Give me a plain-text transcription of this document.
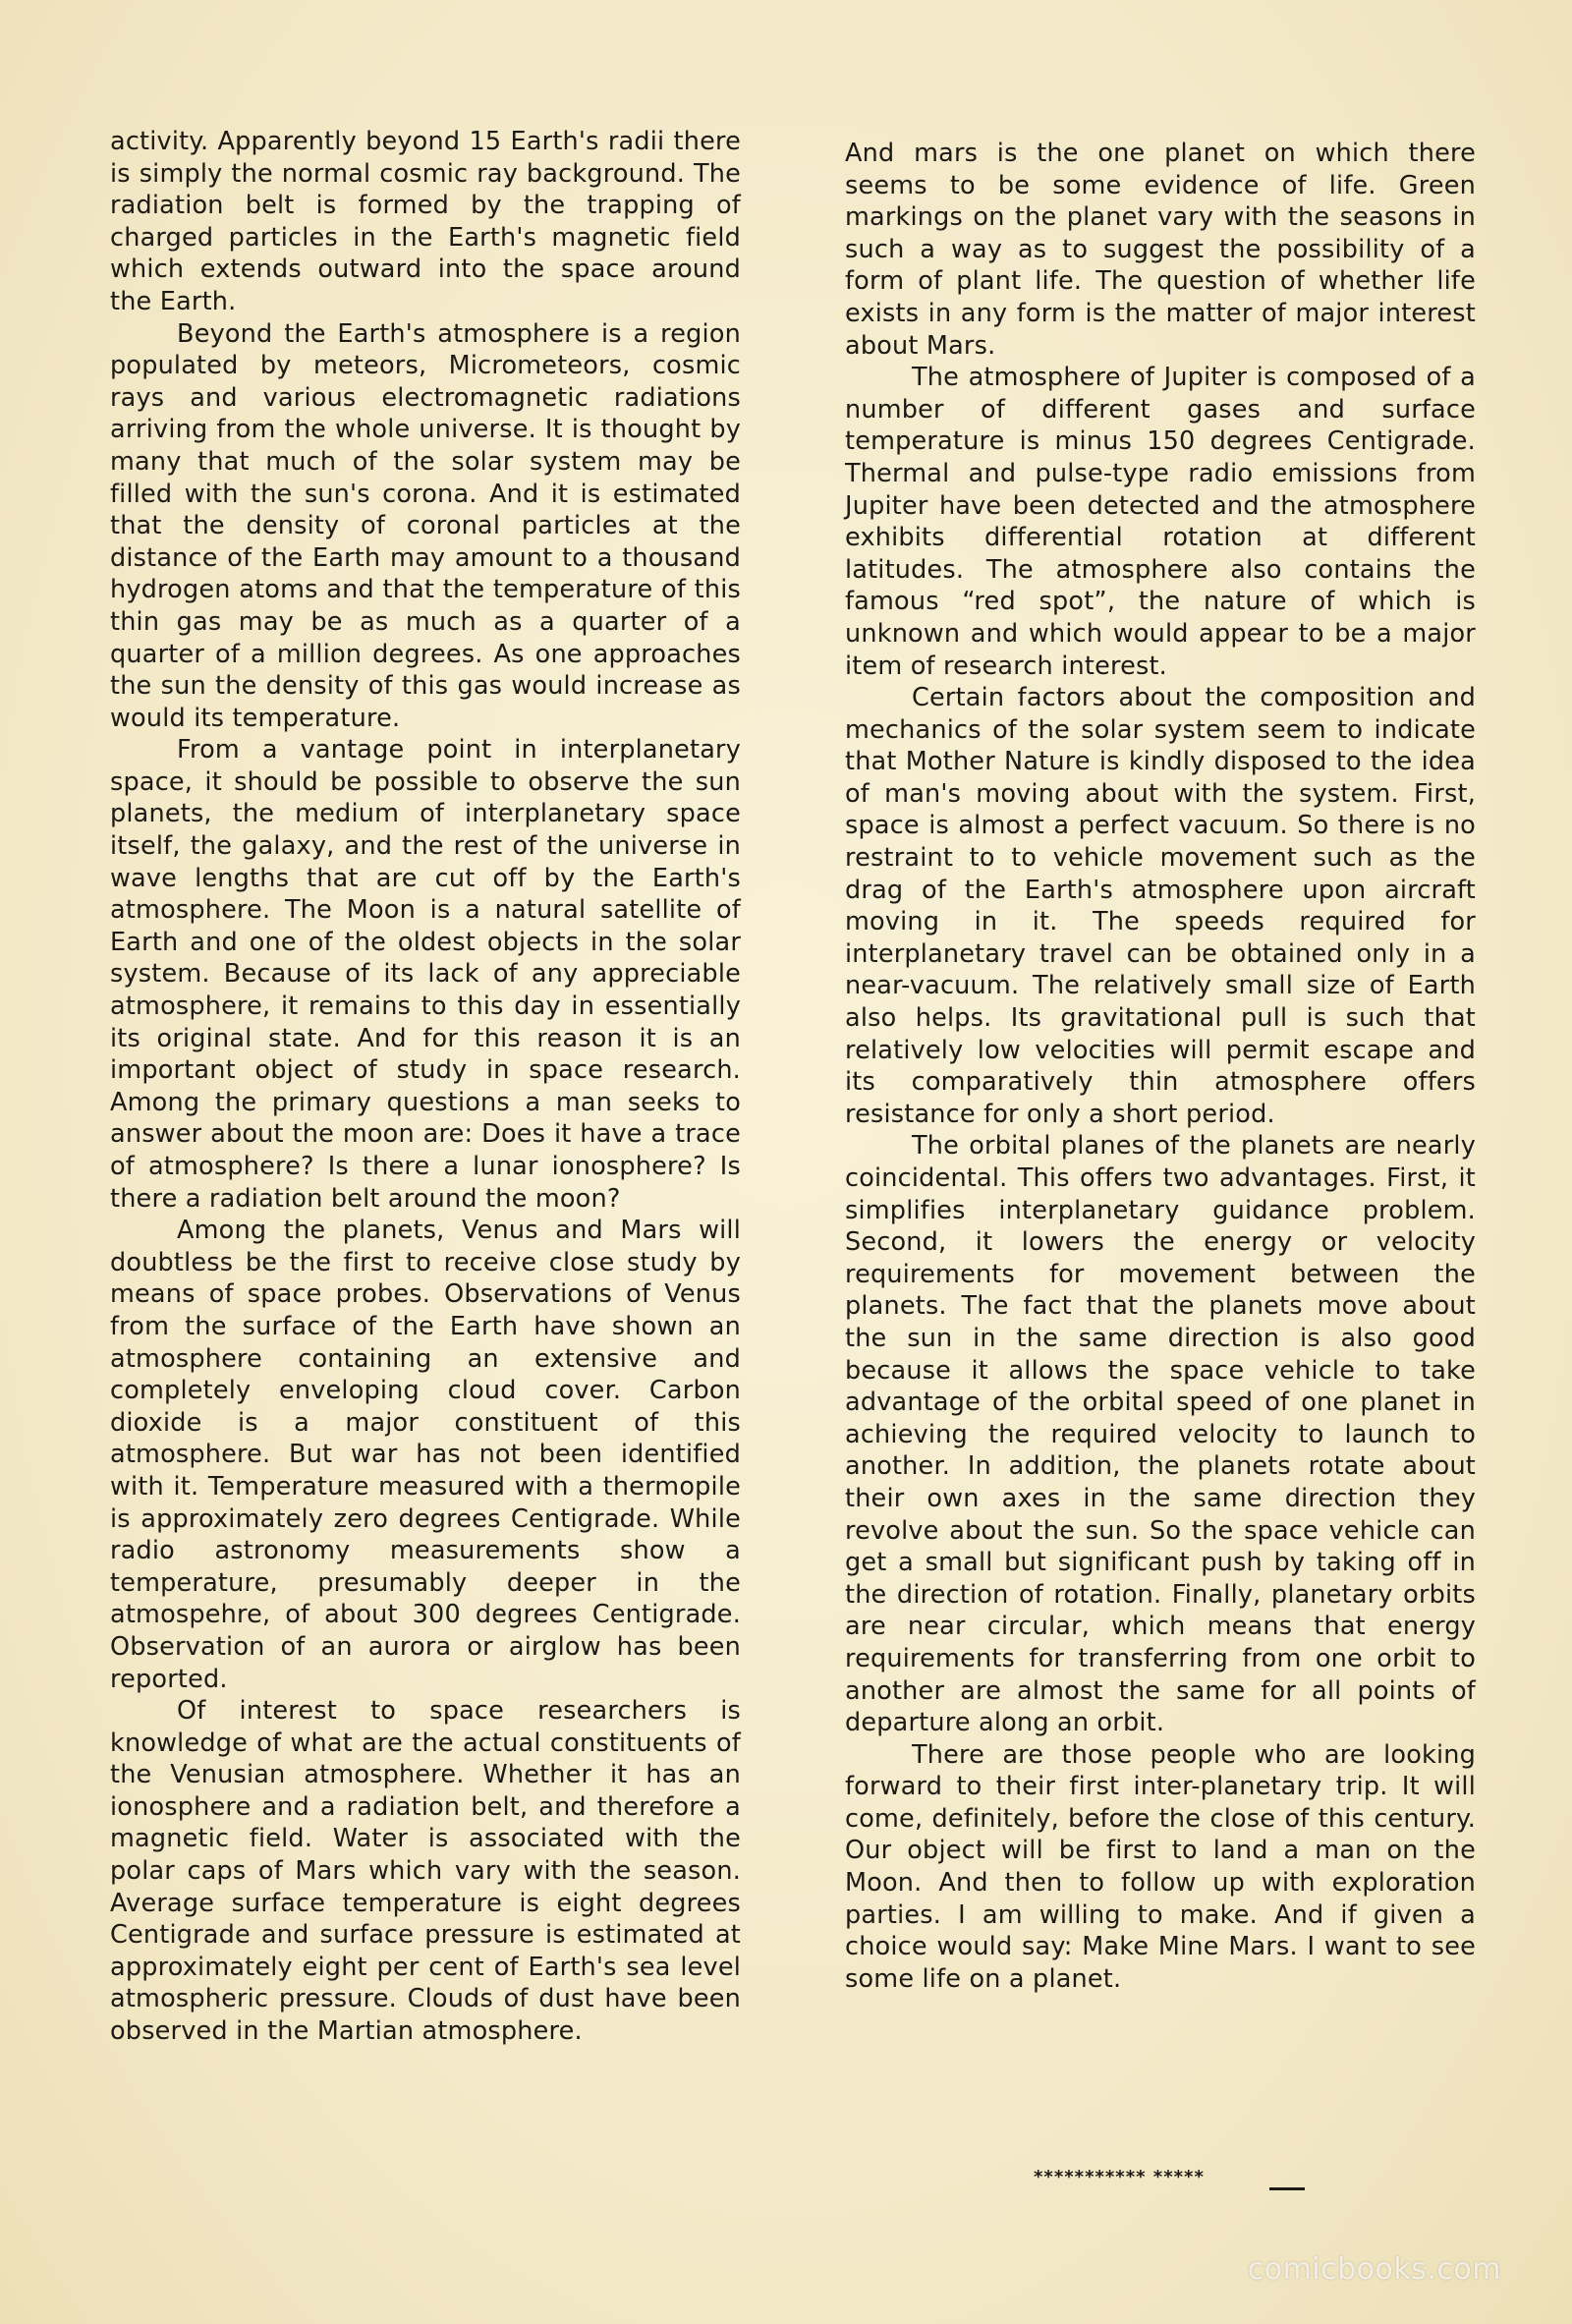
activity. Apparently beyond 15 Earth's radii there is simply the normal cosmic ray background. The radiation belt is formed by the trapping of charged particles in the Earth's magnetic field which extends outward into the space around the Earth.

Beyond the Earth's atmosphere is a region populated by meteors, Micrometeors, cosmic rays and various electromagnetic radiations arriving from the whole universe. It is thought by many that much of the solar system may be filled with the sun's corona. And it is estimated that the density of coronal particles at the distance of the Earth may amount to a thousand hydrogen atoms and that the temperature of this thin gas may be as much as a quarter of a quarter of a million degrees. As one approaches the sun the density of this gas would increase as would its temperature.

From a vantage point in interplanetary space, it should be possible to observe the sun planets, the medium of interplanetary space itself, the galaxy, and the rest of the universe in wave lengths that are cut off by the Earth's atmosphere. The Moon is a natural satellite of Earth and one of the oldest objects in the solar system. Because of its lack of any appreciable atmosphere, it remains to this day in essentially its original state. And for this reason it is an important object of study in space research. Among the primary questions a man seeks to answer about the moon are: Does it have a trace of atmosphere? Is there a lunar ionosphere? Is there a radiation belt around the moon?

Among the planets, Venus and Mars will doubtless be the first to receive close study by means of space probes. Observations of Venus from the surface of the Earth have shown an atmosphere containing an extensive and completely enveloping cloud cover. Carbon dioxide is a major constituent of this atmosphere. But war has not been identified with it. Temperature measured with a thermopile is approximately zero degrees Centigrade. While radio astronomy measurements show a temperature, presumably deeper in the atmospehre, of about 300 degrees Centigrade. Observation of an aurora or airglow has been reported.

Of interest to space researchers is knowledge of what are the actual constituents of the Venusian atmosphere. Whether it has an ionosphere and a radiation belt, and therefore a magnetic field. Water is associated with the polar caps of Mars which vary with the season. Average surface temperature is eight degrees Centigrade and surface pressure is estimated at approximately eight per cent of Earth's sea level atmospheric pressure. Clouds of dust have been observed in the Martian atmosphere.

And mars is the one planet on which there seems to be some evidence of life. Green markings on the planet vary with the seasons in such a way as to suggest the possibility of a form of plant life. The question of whether life exists in any form is the matter of major interest about Mars.

The atmosphere of Jupiter is composed of a number of different gases and surface temperature is minus 150 degrees Centigrade. Thermal and pulse-type radio emissions from Jupiter have been detected and the atmosphere exhibits differential rotation at different latitudes. The atmosphere also contains the famous “red spot”, the nature of which is unknown and which would appear to be a major item of research interest.

Certain factors about the composition and mechanics of the solar system seem to indicate that Mother Nature is kindly disposed to the idea of man's moving about with the system. First, space is almost a perfect vacuum. So there is no restraint to to vehicle movement such as the drag of the Earth's atmosphere upon aircraft moving in it. The speeds required for interplanetary travel can be obtained only in a near-vacuum. The relatively small size of Earth also helps. Its gravitational pull is such that relatively low velocities will permit escape and its comparatively thin atmosphere offers resistance for only a short period.

The orbital planes of the planets are nearly coincidental. This offers two advantages. First, it simplifies interplanetary guidance problem. Second, it lowers the energy or velocity requirements for movement between the planets. The fact that the planets move about the sun in the same direction is also good because it allows the space vehicle to take advantage of the orbital speed of one planet in achieving the required velocity to launch to another. In addition, the planets rotate about their own axes in the same direction they revolve about the sun. So the space vehicle can get a small but significant push by taking off in the direction of rotation. Finally, planetary orbits are near circular, which means that energy requirements for transferring from one orbit to another are almost the same for all points of departure along an orbit.

There are those people who are looking forward to their first inter-planetary trip. It will come, definitely, before the close of this century. Our object will be first to land a man on the Moon. And then to follow up with exploration parties. I am willing to make. And if given a choice would say: Make Mine Mars. I want to see some life on a planet.

*********** *****
comicbooks.com
